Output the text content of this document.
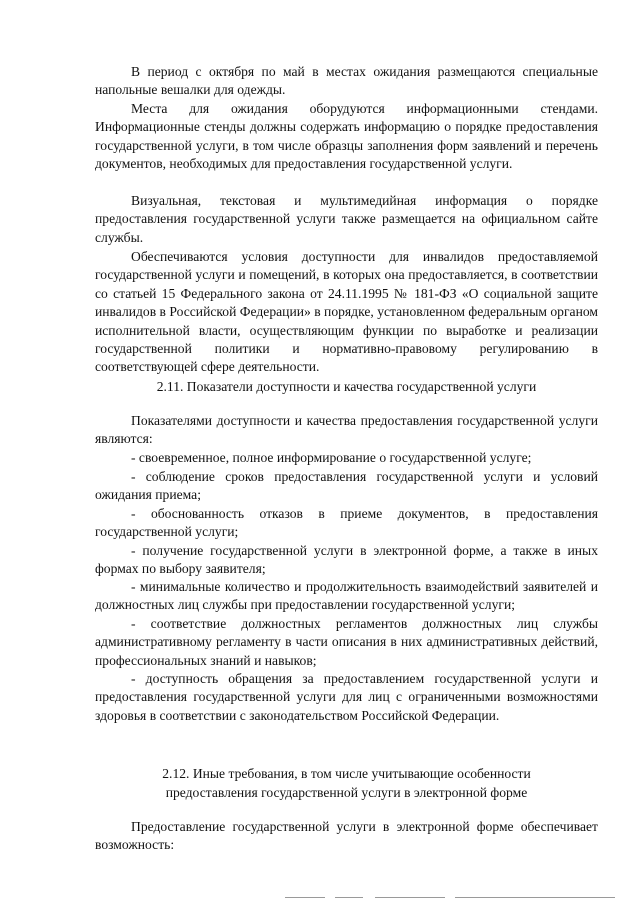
В период с октября по май в местах ожидания размещаются специальные напольные вешалки для одежды.

Места для ожидания оборудуются информационными стендами. Информационные стенды должны содержать информацию о порядке предоставления государственной услуги, в том числе образцы заполнения форм заявлений и перечень документов, необходимых для предоставления государственной услуги.

Визуальная, текстовая и мультимедийная информация о порядке предоставления государственной услуги также размещается на официальном сайте службы.

Обеспечиваются условия доступности для инвалидов предоставляемой государственной услуги и помещений, в которых она предоставляется, в соответствии со статьей 15 Федерального закона от 24.11.1995 № 181-ФЗ «О социальной защите инвалидов в Российской Федерации» в порядке, установленном федеральным органом исполнительной власти, осуществляющим функции по выработке и реализации государственной политики и нормативно-правовому регулированию в соответствующей сфере деятельности.

2.11. Показатели доступности и качества государственной услуги

Показателями доступности и качества предоставления государственной услуги являются:

- своевременное, полное информирование о государственной услуге;

- соблюдение сроков предоставления государственной услуги и условий ожидания приема;

- обоснованность отказов в приеме документов, в предоставления государственной услуги;

- получение государственной услуги в электронной форме, а также в иных формах по выбору заявителя;

- минимальные количество и продолжительность взаимодействий заявителей и должностных лиц службы при предоставлении государственной услуги;

- соответствие должностных регламентов должностных лиц службы административному регламенту в части описания в них административных действий, профессиональных знаний и навыков;

- доступность обращения за предоставлением государственной услуги и предоставления государственной услуги для лиц с ограниченными возможностями здоровья в соответствии с законодательством Российской Федерации.

2.12. Иные требования, в том числе учитывающие особенности

предоставления государственной услуги в электронной форме

Предоставление государственной услуги в электронной форме обеспечивает возможность:
